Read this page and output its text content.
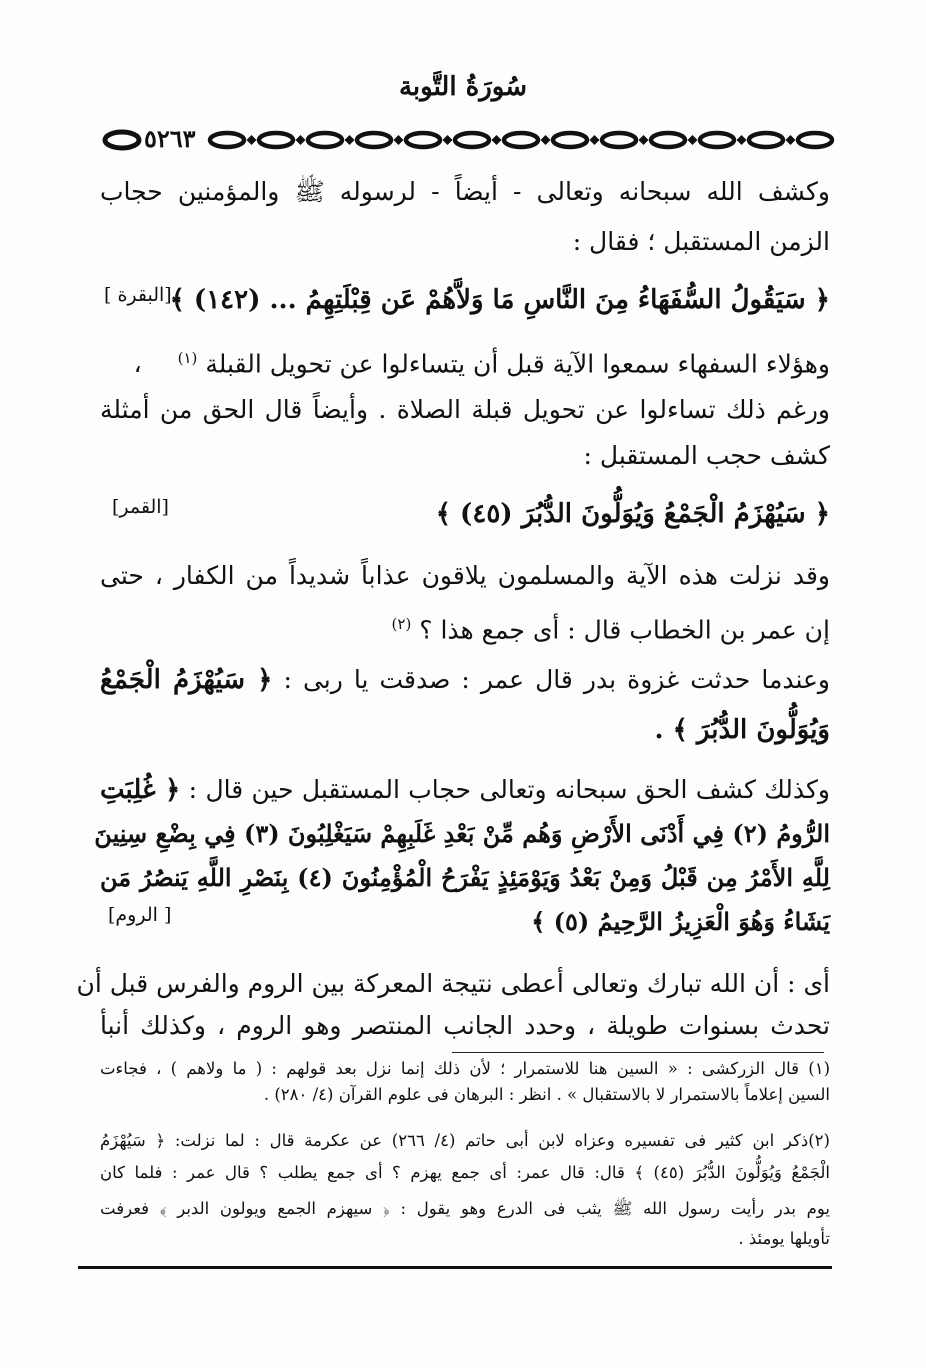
سُورَةُ التَّوبة
٥٢٦٣
وكشف الله سبحانه وتعالى - أيضاً - لرسوله ﷺ والمؤمنين حجاب
الزمن المستقبل ؛ فقال :
﴿ سَيَقُولُ السُّفَهَاءُ مِنَ النَّاسِ مَا وَلاَّهُمْ عَن قِبْلَتِهِمُ ... (١٤٢) ﴾
[البقرة ]
وهؤلاء السفهاء سمعوا الآية قبل أن يتساءلوا عن تحويل القبلة $^{(١)}$ ،
ورغم ذلك تساءلوا عن تحويل قبلة الصلاة . وأيضاً قال الحق من أمثلة
كشف حجب المستقبل :
﴿ سَيُهْزَمُ الْجَمْعُ وَيُوَلُّونَ الدُّبُرَ (٤٥) ﴾
[القمر]
وقد نزلت هذه الآية والمسلمون يلاقون عذاباً شديداً من الكفار ، حتى
إن عمر بن الخطاب قال : أى جمع هذا ؟ $^{(٢)}$
وعندما حدثت غزوة بدر قال عمر : صدقت يا ربى : ﴿ سَيُهْزَمُ الْجَمْعُ
وَيُوَلُّونَ الدُّبُرَ ﴾ .
وكذلك كشف الحق سبحانه وتعالى حجاب المستقبل حين قال : ﴿ غُلِبَتِ
الرُّومُ (٢) فِي أَدْنَى الأَرْضِ وَهُم مِّنْ بَعْدِ غَلَبِهِمْ سَيَغْلِبُونَ (٣) فِي بِضْعِ سِنِينَ
لِلَّهِ الأَمْرُ مِن قَبْلُ وَمِنْ بَعْدُ وَيَوْمَئِذٍ يَفْرَحُ الْمُؤْمِنُونَ (٤) بِنَصْرِ اللَّهِ يَنصُرُ مَن
يَشَاءُ وَهُوَ الْعَزِيزُ الرَّحِيمُ (٥) ﴾
[ الروم]
أى : أن الله تبارك وتعالى أعطى نتيجة المعركة بين الروم والفرس قبل أن
تحدث بسنوات طويلة ، وحدد الجانب المنتصر وهو الروم ، وكذلك أنبأ
(١) قال الزركشى : « السين هنا للاستمرار ؛ لأن ذلك إنما نزل بعد قولهم : ( ما ولاهم ) ، فجاءت
السين إعلاماً بالاستمرار لا بالاستقبال » . انظر : البرهان فى علوم القرآن (٤/ ٢٨٠) .
(٢)ذكر ابن كثير فى تفسيره وعزاه لابن أبى حاتم (٤/ ٢٦٦) عن عكرمة قال : لما نزلت: ﴿ سَيُهْزَمُ
الْجَمْعُ وَيُوَلُّونَ الدُّبُرَ (٤٥) ﴾ قال: قال عمر: أى جمع يهزم ؟ أى جمع يطلب ؟ قال عمر : فلما كان
يوم بدر رأيت رسول الله ﷺ يثب فى الدرع وهو يقول : ﴿ سيهزم الجمع ويولون الدبر ﴾ فعرفت
تأويلها يومئذ .
